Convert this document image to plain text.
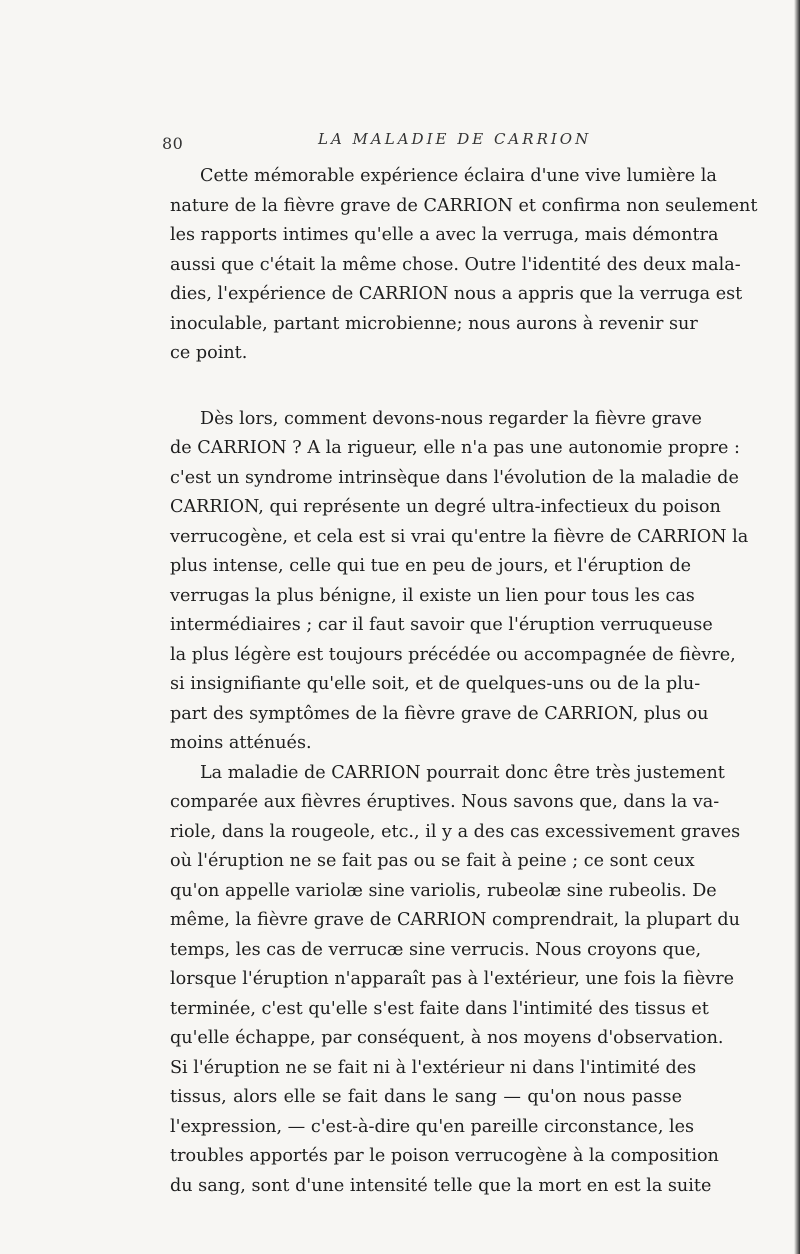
80	LA MALADIE DE CARRION
Cette mémorable expérience éclaira d'une vive lumière la
nature de la fièvre grave de CARRION et confirma non seulement
les rapports intimes qu'elle a avec la verruga, mais démontra
aussi que c'était la même chose. Outre l'identité des deux mala-
dies, l'expérience de CARRION nous a appris que la verruga est
inoculable, partant microbienne; nous aurons à revenir sur
ce point.
Dès lors, comment devons-nous regarder la fièvre grave
de CARRION ? A la rigueur, elle n'a pas une autonomie propre :
c'est un syndrome intrinsèque dans l'évolution de la maladie de
CARRION, qui représente un degré ultra-infectieux du poison
verrucogène, et cela est si vrai qu'entre la fièvre de CARRION la
plus intense, celle qui tue en peu de jours, et l'éruption de
verrugas la plus bénigne, il existe un lien pour tous les cas
intermédiaires ; car il faut savoir que l'éruption verruqueuse
la plus légère est toujours précédée ou accompagnée de fièvre,
si insignifiante qu'elle soit, et de quelques-uns ou de la plu-
part des symptômes de la fièvre grave de CARRION, plus ou
moins atténués.
La maladie de CARRION pourrait donc être très justement
comparée aux fièvres éruptives. Nous savons que, dans la va-
riole, dans la rougeole, etc., il y a des cas excessivement graves
où l'éruption ne se fait pas ou se fait à peine ; ce sont ceux
qu'on appelle variolæ sine variolis, rubeolæ sine rubeolis. De
même, la fièvre grave de CARRION comprendrait, la plupart du
temps, les cas de verrucæ sine verrucis. Nous croyons que,
lorsque l'éruption n'apparaît pas à l'extérieur, une fois la fièvre
terminée, c'est qu'elle s'est faite dans l'intimité des tissus et
qu'elle échappe, par conséquent, à nos moyens d'observation.
Si l'éruption ne se fait ni à l'extérieur ni dans l'intimité des
tissus, alors elle se fait dans le sang — qu'on nous passe
l'expression, — c'est-à-dire qu'en pareille circonstance, les
troubles apportés par le poison verrucogène à la composition
du sang, sont d'une intensité telle que la mort en est la suite
